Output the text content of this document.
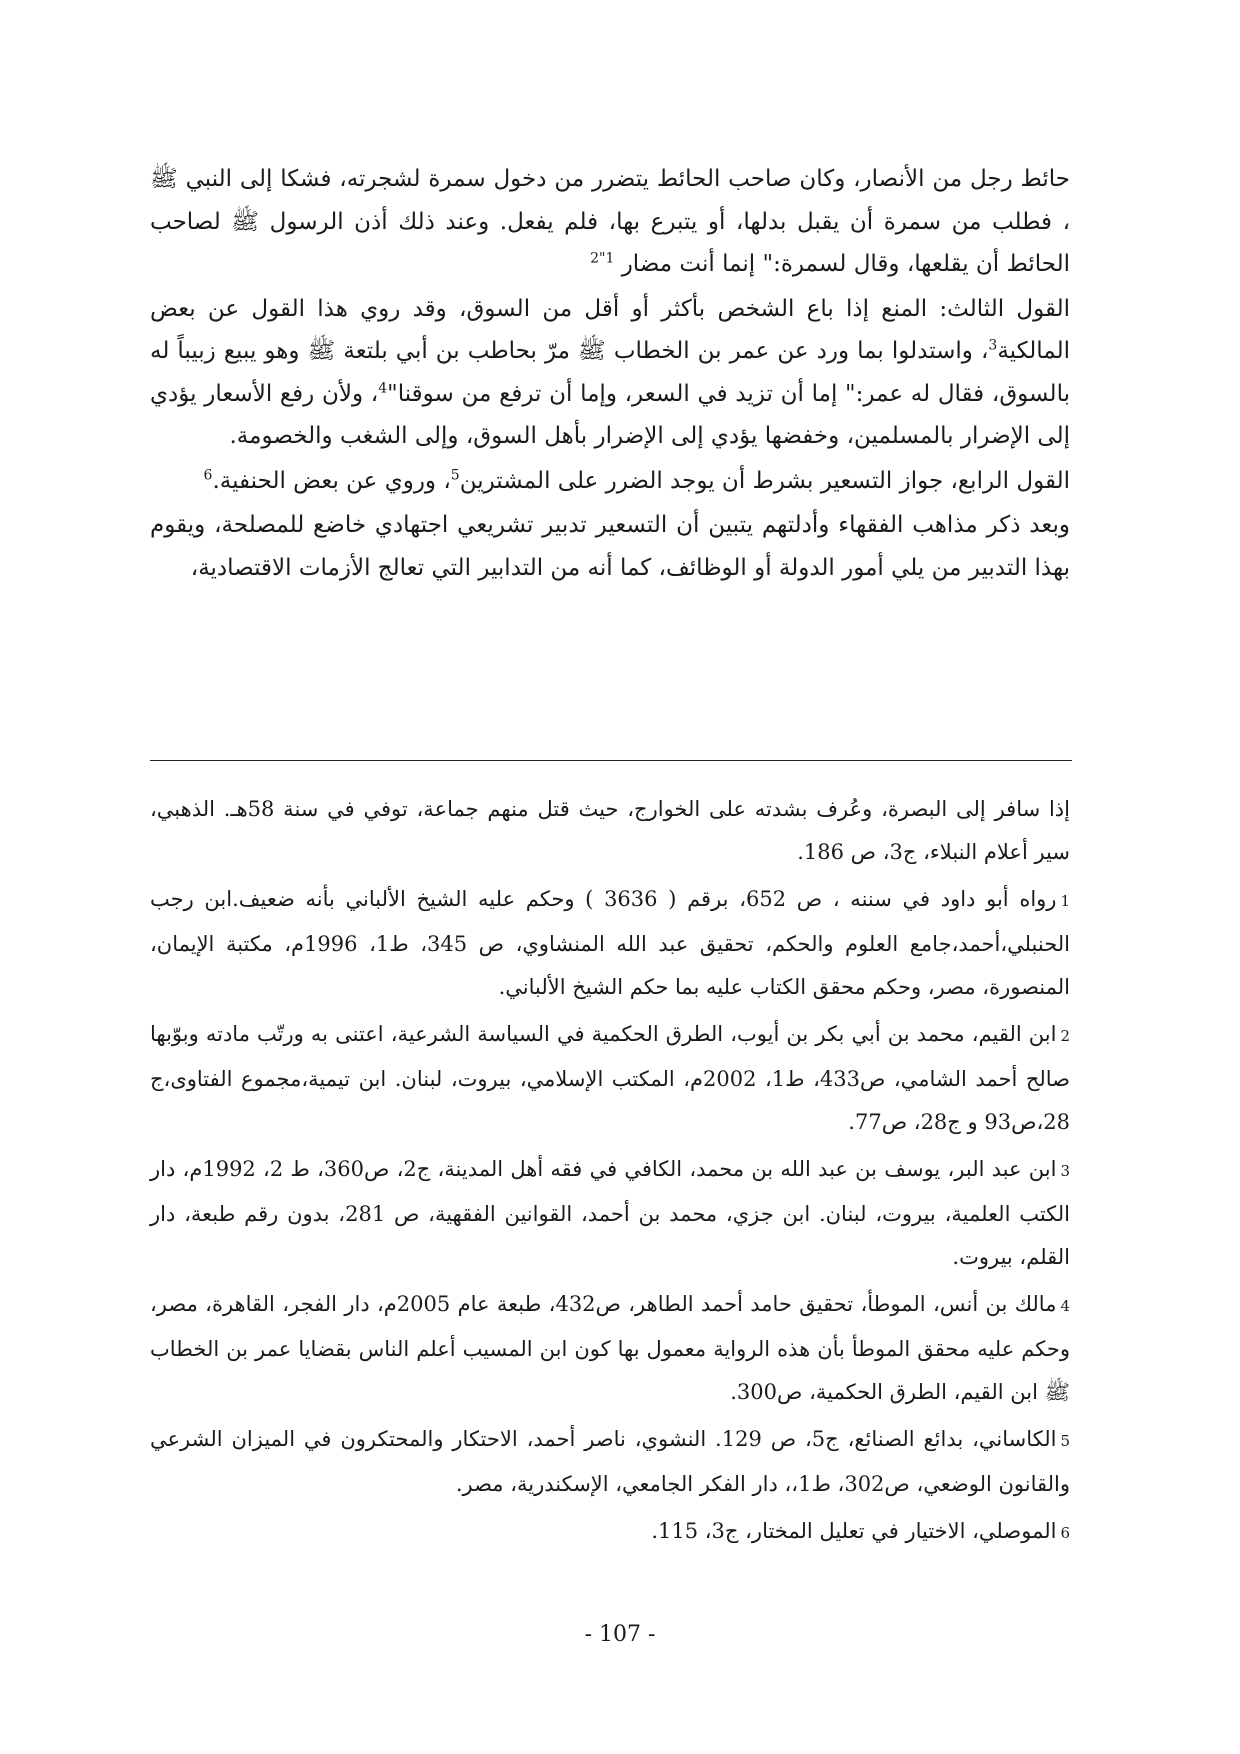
حائط رجل من الأنصار، وكان صاحب الحائط يتضرر من دخول سمرة لشجرته، فشكا إلى النبي ﷺ ، فطلب من سمرة أن يقبل بدلها، أو يتبرع بها، فلم يفعل. وعند ذلك أذن الرسول ﷺ لصاحب الحائط أن يقلعها، وقال لسمرة:" إنما أنت مضار $^{1"2}$

القول الثالث: المنع إذا باع الشخص بأكثر أو أقل من السوق، وقد روي هذا القول عن بعض المالكية$^3$، واستدلوا بما ورد عن عمر بن الخطاب ﷺ مرّ بحاطب بن أبي بلتعة ﷺ وهو يبيع زبيباً له بالسوق، فقال له عمر:" إما أن تزيد في السعر، وإما أن ترفع من سوقنا"$^4$، ولأن رفع الأسعار يؤدي إلى الإضرار بالمسلمين، وخفضها يؤدي إلى الإضرار بأهل السوق، وإلى الشغب والخصومة.

القول الرابع، جواز التسعير بشرط أن يوجد الضرر على المشترين$^5$، وروي عن بعض الحنفية.$^6$

وبعد ذكر مذاهب الفقهاء وأدلتهم يتبين أن التسعير تدبير تشريعي اجتهادي خاضع للمصلحة، ويقوم بهذا التدبير من يلي أمور الدولة أو الوظائف، كما أنه من التدابير التي تعالج الأزمات الاقتصادية،

إذا سافر إلى البصرة، وعُرف بشدته على الخوارج، حيث قتل منهم جماعة، توفي في سنة 58هـ. الذهبي، سير أعلام النبلاء، ج3، ص 186.

1رواه أبو داود في سننه ، ص 652، برقم ( 3636 ) وحكم عليه الشيخ الألباني بأنه ضعيف.ابن رجب الحنبلي،أحمد،جامع العلوم والحكم، تحقيق عبد الله المنشاوي، ص 345، ط1، 1996م، مكتبة الإيمان، المنصورة، مصر، وحكم محقق الكتاب عليه بما حكم الشيخ الألباني.

2ابن القيم، محمد بن أبي بكر بن أيوب، الطرق الحكمية في السياسة الشرعية، اعتنى به ورتّب مادته وبوّبها صالح أحمد الشامي، ص433، ط1، 2002م، المكتب الإسلامي، بيروت، لبنان. ابن تيمية،مجموع الفتاوى،ج 28،ص93 و ج28، ص77.

3ابن عبد البر، يوسف بن عبد الله بن محمد، الكافي في فقه أهل المدينة، ج2، ص360، ط 2، 1992م، دار الكتب العلمية، بيروت، لبنان. ابن جزي، محمد بن أحمد، القوانين الفقهية، ص 281، بدون رقم طبعة، دار القلم، بيروت.

4مالك بن أنس، الموطأ، تحقيق حامد أحمد الطاهر، ص432، طبعة عام 2005م، دار الفجر، القاهرة، مصر، وحكم عليه محقق الموطأ بأن هذه الرواية معمول بها كون ابن المسيب أعلم الناس بقضايا عمر بن الخطاب ﷺ ابن القيم، الطرق الحكمية، ص300.

5الكاساني، بدائع الصنائع، ج5، ص 129. النشوي، ناصر أحمد، الاحتكار والمحتكرون في الميزان الشرعي والقانون الوضعي، ص302، ط1،، دار الفكر الجامعي، الإسكندرية، مصر.

6الموصلي، الاختيار في تعليل المختار، ج3، 115.

- 107 -
